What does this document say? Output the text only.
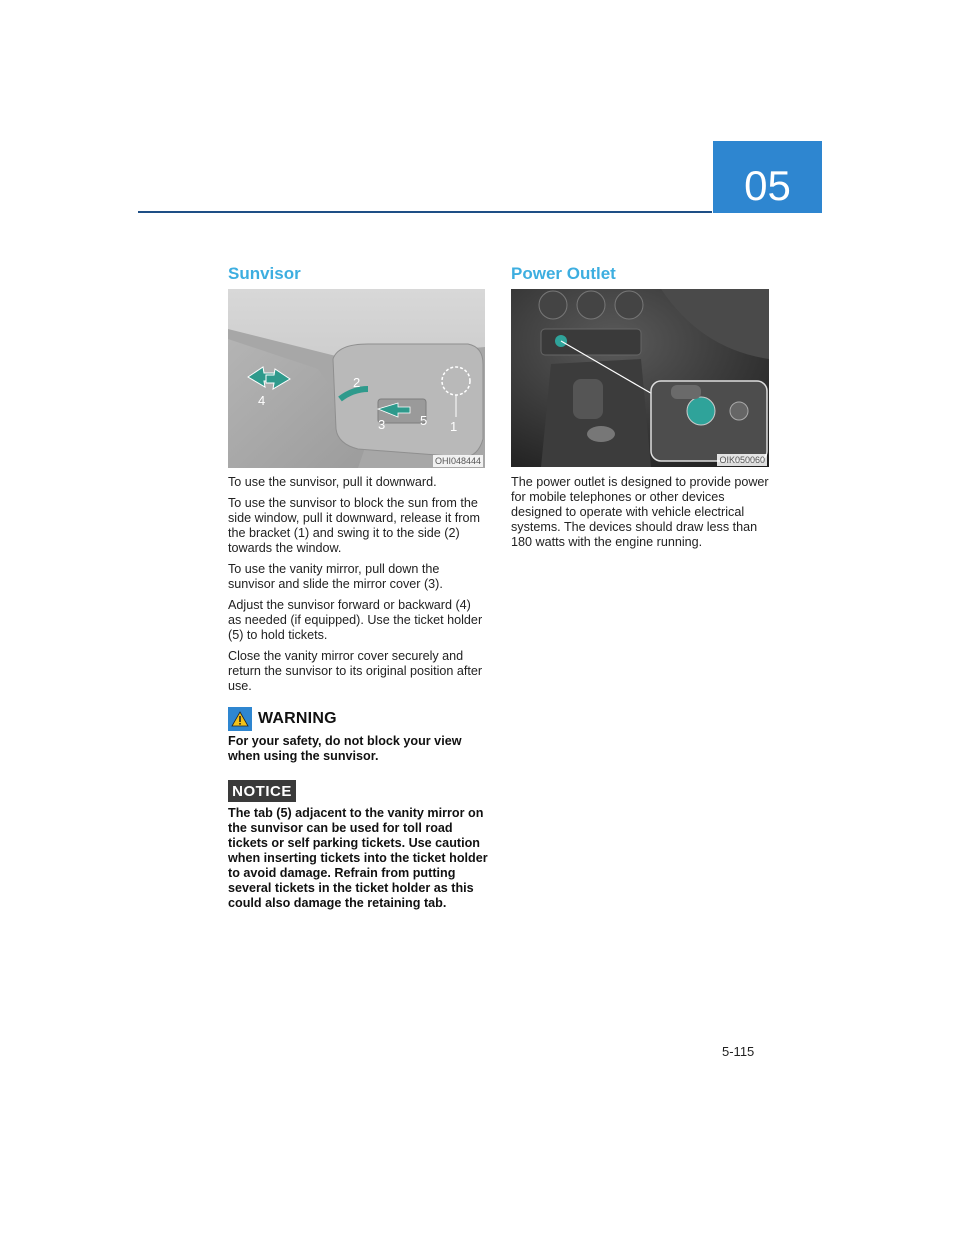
05
Sunvisor
2
4
3	5 1
OHI048444

To use the sunvisor, pull it downward.

To use the sunvisor to block the sun from the side window, pull it downward, release it from the bracket (1) and swing it to the side (2) towards the window.

To use the vanity mirror, pull down the sunvisor and slide the mirror cover (3).

Adjust the sunvisor forward or backward (4) as needed (if equipped). Use the ticket holder (5) to hold tickets.

Close the vanity mirror cover securely and return the sunvisor to its original position after use.

WARNING
For your safety, do not block your view when using the sunvisor.
NOTICE
The tab (5) adjacent to the vanity mirror on the sunvisor can be used for toll road tickets or self parking tickets. Use caution when inserting tickets into the ticket holder to avoid damage. Refrain from putting several tickets in the ticket holder as this could also damage the retaining tab.
Power Outlet
OIK050060

The power outlet is designed to provide power for mobile telephones or other devices designed to operate with vehicle electrical systems. The devices should draw less than 180 watts with the engine running.

5-115
